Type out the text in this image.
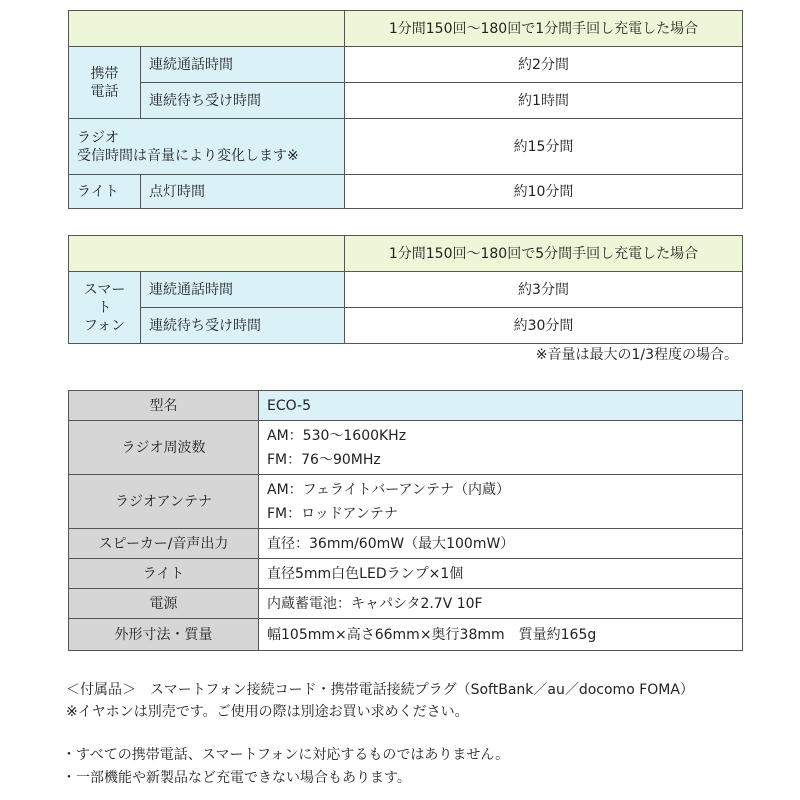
		1分間150回〜180回で1分間手回し充電した場合

携帯
電話	連続通話時間	約2分間
	連続待ち受け時間	約1時間

ラジオ
受信時間は音量により変化します※		約15分間
ライト	点灯時間	約10分間
		1分間150回〜180回で5分間手回し充電した場合

スマート
フォン	連続通話時間	約3分間
	連続待ち受け時間	約30分間
※音量は最大の1/3程度の場合。
型名	ECO-5
ラジオ周波数	AM：530〜1600KHz
FM：76〜90MHz

ラジオアンテナ	AM：フェライトバーアンテナ（内蔵）
FM：ロッドアンテナ

スピーカー/音声出力	直径：36mm/60mW（最大100mW）
ライト	直径5mm白色LEDランプ×1個
電源	内蔵蓄電池：キャパシタ2.7V 10F
外形寸法・質量	幅105mm×高さ66mm×奥行38mm　質量約165g
＜付属品＞　スマートフォン接続コード・携帯電話接続プラグ（SoftBank／au／docomo FOMA）
※イヤホンは別売です。ご使用の際は別途お買い求めください。
・すべての携帯電話、スマートフォンに対応するものではありません。
・一部機能や新製品など充電できない場合もあります。
